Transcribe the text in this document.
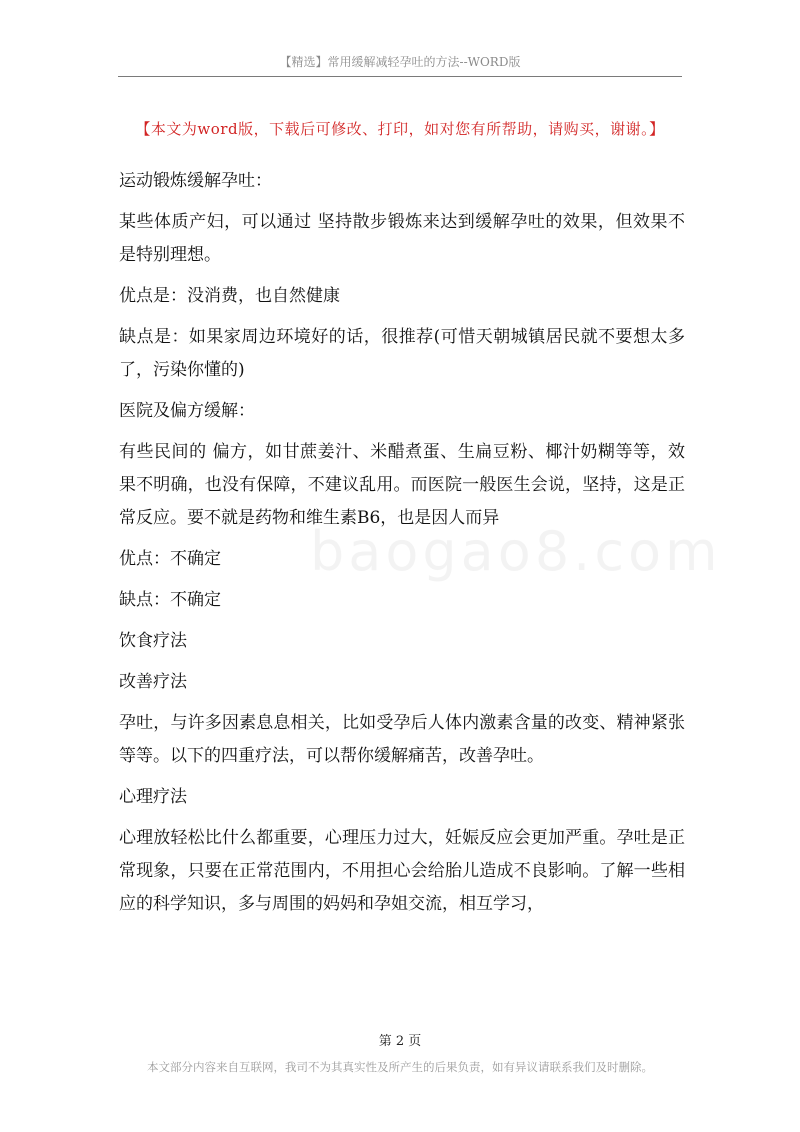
【精选】常用缓解减轻孕吐的方法--WORD版
【本文为word版，下载后可修改、打印，如对您有所帮助，请购买，谢谢。】

运动锻炼缓解孕吐：

某些体质产妇，可以通过 坚持散步锻炼来达到缓解孕吐的效果，但效果不是特别理想。

优点是：没消费，也自然健康

缺点是：如果家周边环境好的话，很推荐(可惜天朝城镇居民就不要想太多了，污染你懂的)

医院及偏方缓解：

有些民间的 偏方，如甘蔗姜汁、米醋煮蛋、生扁豆粉、椰汁奶糊等等，效果不明确，也没有保障，不建议乱用。而医院一般医生会说，坚持，这是正常反应。要不就是药物和维生素B6，也是因人而异

优点：不确定

缺点：不确定

饮食疗法

改善疗法

孕吐，与许多因素息息相关，比如受孕后人体内激素含量的改变、精神紧张等等。以下的四重疗法，可以帮你缓解痛苦，改善孕吐。

心理疗法

心理放轻松比什么都重要，心理压力过大，妊娠反应会更加严重。孕吐是正常现象，只要在正常范围内，不用担心会给胎儿造成不良影响。了解一些相应的科学知识，多与周围的妈妈和孕姐交流，相互学习，

第 2 页
本文部分内容来自互联网，我司不为其真实性及所产生的后果负责，如有异议请联系我们及时删除。
